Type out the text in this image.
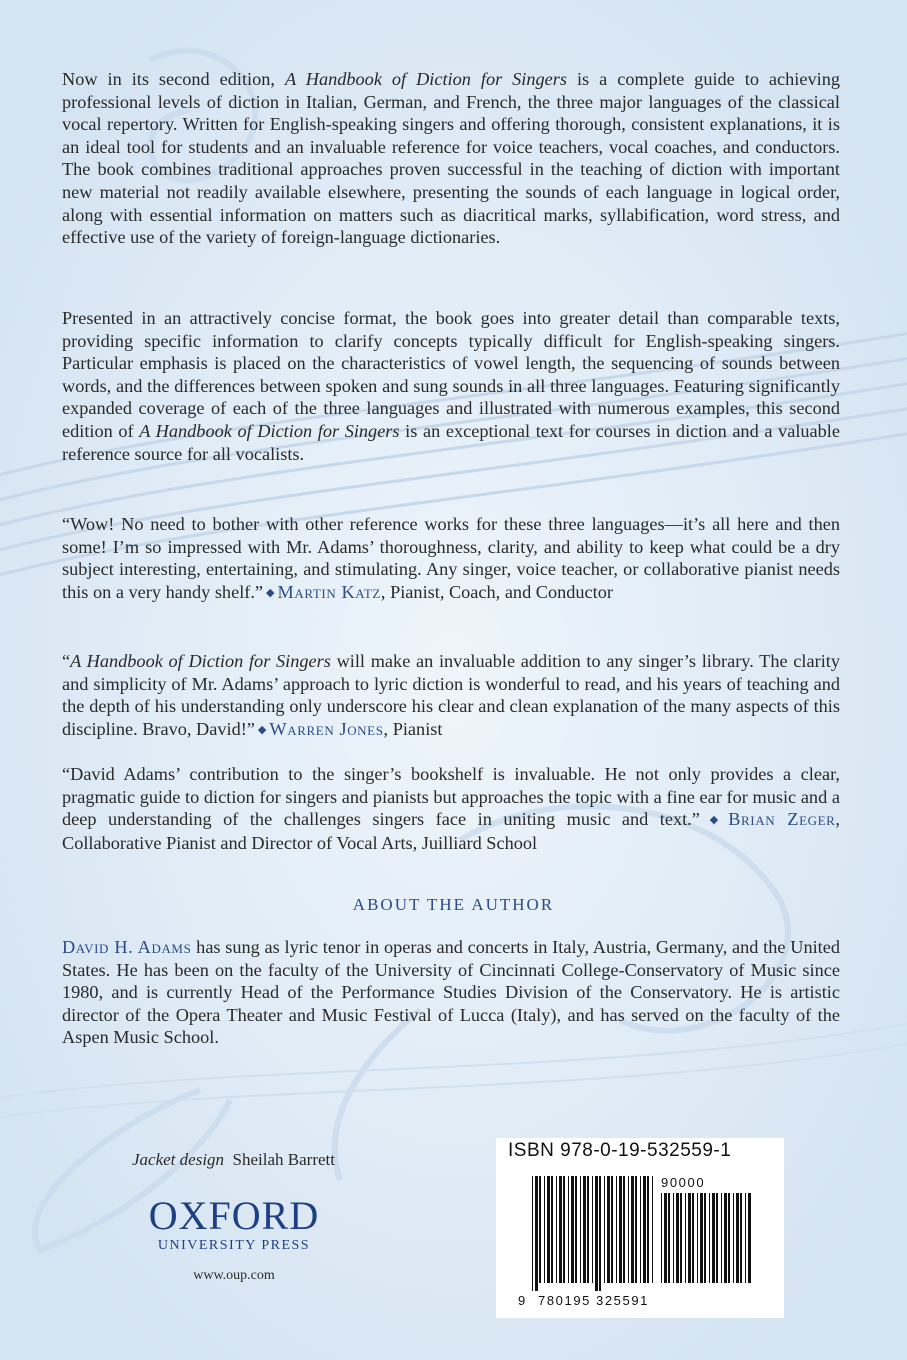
Now in its second edition, A Handbook of Diction for Singers is a complete guide to achieving professional levels of diction in Italian, German, and French, the three major languages of the classical vocal repertory. Written for English-speaking singers and offering thorough, consistent explanations, it is an ideal tool for students and an invaluable reference for voice teachers, vocal coaches, and conductors. The book combines traditional approaches proven successful in the teaching of diction with important new material not readily available elsewhere, presenting the sounds of each language in logical order, along with essential information on matters such as diacritical marks, syllabification, word stress, and effective use of the variety of foreign-language dictionaries.

Presented in an attractively concise format, the book goes into greater detail than comparable texts, providing specific information to clarify concepts typically difficult for English-speaking singers. Particular emphasis is placed on the characteristics of vowel length, the sequencing of sounds between words, and the differences between spoken and sung sounds in all three languages. Featuring significantly expanded coverage of each of the three languages and illustrated with numerous examples, this second edition of A Handbook of Diction for Singers is an exceptional text for courses in diction and a valuable reference source for all vocalists.

“Wow! No need to bother with other reference works for these three languages—it’s all here and then some! I’m so impressed with Mr. Adams’ thoroughness, clarity, and ability to keep what could be a dry subject interesting, entertaining, and stimulating. Any singer, voice teacher, or collaborative pianist needs this on a very handy shelf.” ◆ Martin Katz, Pianist, Coach, and Conductor

“A Handbook of Diction for Singers will make an invaluable addition to any singer’s library. The clarity and simplicity of Mr. Adams’ approach to lyric diction is wonderful to read, and his years of teaching and the depth of his understanding only underscore his clear and clean explanation of the many aspects of this discipline. Bravo, David!” ◆ Warren Jones, Pianist

“David Adams’ contribution to the singer’s bookshelf is invaluable. He not only provides a clear, pragmatic guide to diction for singers and pianists but approaches the topic with a fine ear for music and a deep understanding of the challenges singers face in uniting music and text.” ◆ Brian Zeger, Collaborative Pianist and Director of Vocal Arts, Juilliard School

ABOUT THE AUTHOR

David H. Adams has sung as lyric tenor in operas and concerts in Italy, Austria, Germany, and the United States. He has been on the faculty of the University of Cincinnati College-Conservatory of Music since 1980, and is currently Head of the Performance Studies Division of the Conservatory. He is artistic director of the Opera Theater and Music Festival of Lucca (Italy), and has served on the faculty of the Aspen Music School.

Jacket design Sheilah Barrett
OXFORD
UNIVERSITY PRESS
www.oup.com
ISBN 978-0-19-532559-1
90000
9 780195 325591
